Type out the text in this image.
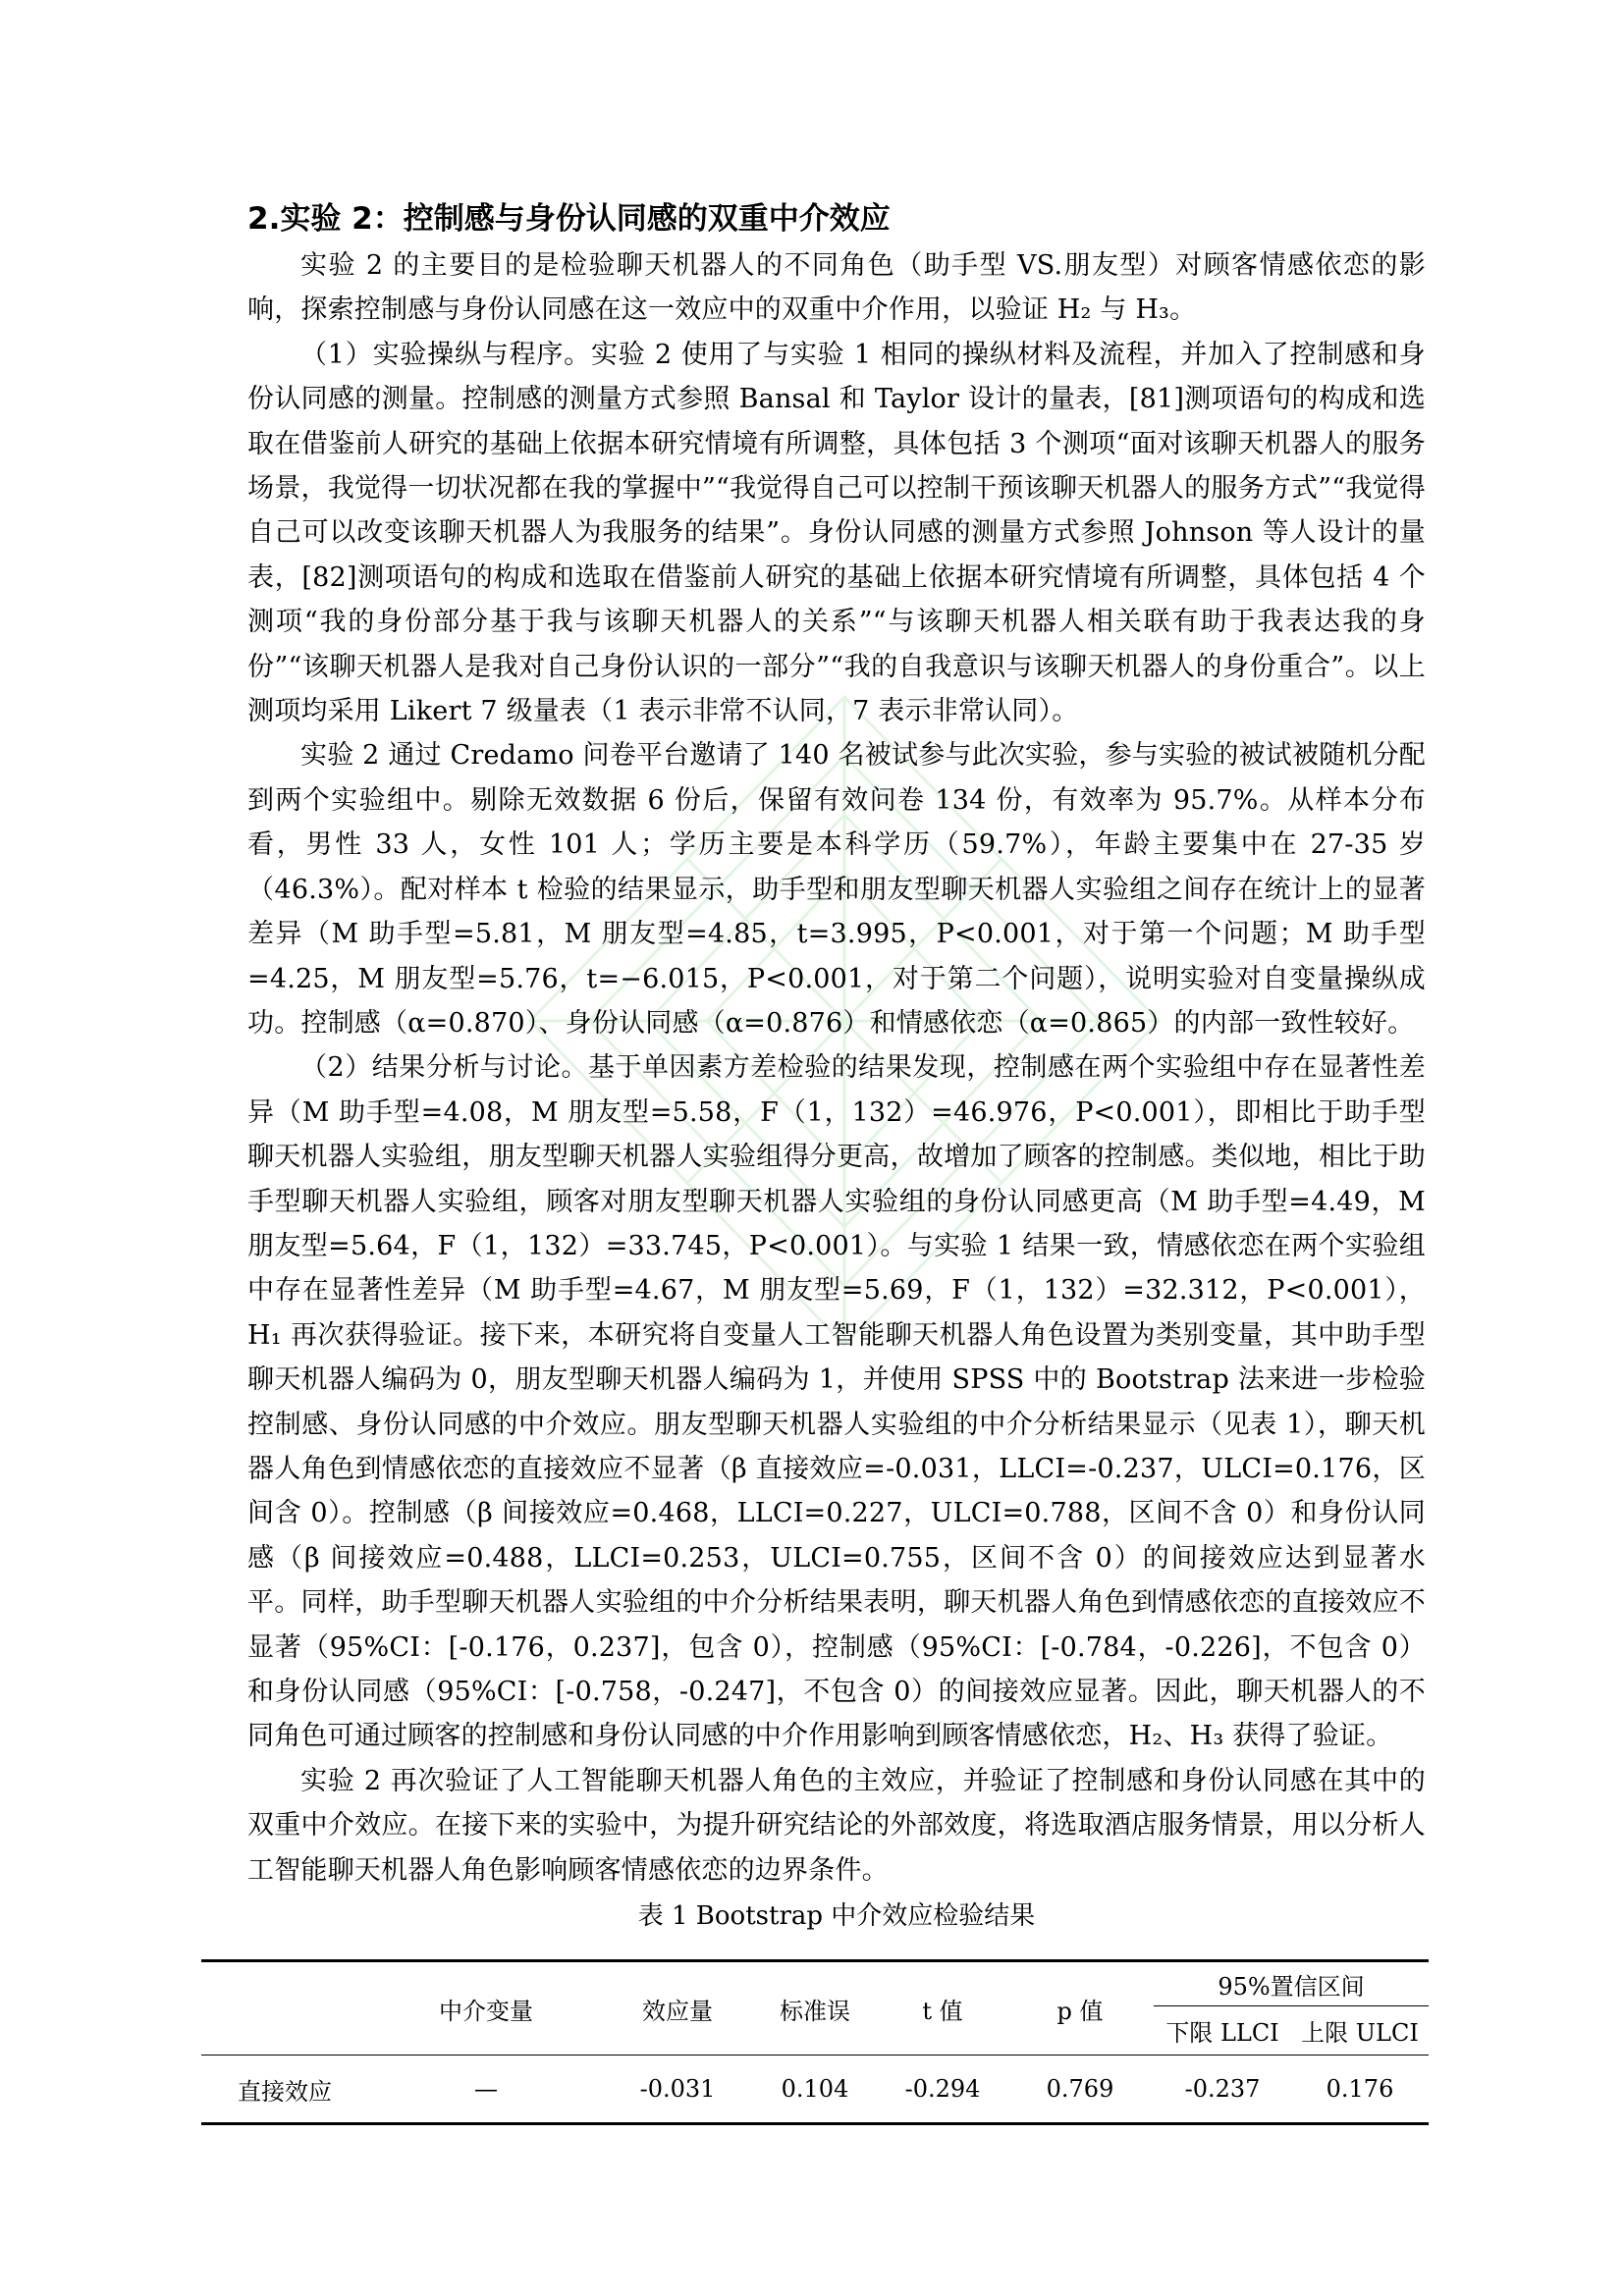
2.实验 2：控制感与身份认同感的双重中介效应

实验 2 的主要目的是检验聊天机器人的不同角色（助手型 VS.朋友型）对顾客情感依恋的影响，探索控制感与身份认同感在这一效应中的双重中介作用，以验证 H₂ 与 H₃。

（1）实验操纵与程序。实验 2 使用了与实验 1 相同的操纵材料及流程，并加入了控制感和身份认同感的测量。控制感的测量方式参照 Bansal 和 Taylor 设计的量表，[81]测项语句的构成和选取在借鉴前人研究的基础上依据本研究情境有所调整，具体包括 3 个测项“面对该聊天机器人的服务场景，我觉得一切状况都在我的掌握中”“我觉得自己可以控制干预该聊天机器人的服务方式”“我觉得自己可以改变该聊天机器人为我服务的结果”。身份认同感的测量方式参照 Johnson 等人设计的量表，[82]测项语句的构成和选取在借鉴前人研究的基础上依据本研究情境有所调整，具体包括 4 个测项“我的身份部分基于我与该聊天机器人的关系”“与该聊天机器人相关联有助于我表达我的身份”“该聊天机器人是我对自己身份认识的一部分”“我的自我意识与该聊天机器人的身份重合”。以上测项均采用 Likert 7 级量表（1 表示非常不认同，7 表示非常认同）。

实验 2 通过 Credamo 问卷平台邀请了 140 名被试参与此次实验，参与实验的被试被随机分配到两个实验组中。剔除无效数据 6 份后，保留有效问卷 134 份，有效率为 95.7%。从样本分布看，男性 33 人，女性 101 人；学历主要是本科学历（59.7%），年龄主要集中在 27-35 岁（46.3%）。配对样本 t 检验的结果显示，助手型和朋友型聊天机器人实验组之间存在统计上的显著差异（M 助手型=5.81，M 朋友型=4.85，t=3.995，P<0.001，对于第一个问题；M 助手型=4.25，M 朋友型=5.76，t=−6.015，P<0.001，对于第二个问题），说明实验对自变量操纵成功。控制感（α=0.870）、身份认同感（α=0.876）和情感依恋（α=0.865）的内部一致性较好。

（2）结果分析与讨论。基于单因素方差检验的结果发现，控制感在两个实验组中存在显著性差异（M 助手型=4.08，M 朋友型=5.58，F（1，132）=46.976，P<0.001），即相比于助手型聊天机器人实验组，朋友型聊天机器人实验组得分更高，故增加了顾客的控制感。类似地，相比于助手型聊天机器人实验组，顾客对朋友型聊天机器人实验组的身份认同感更高（M 助手型=4.49，M 朋友型=5.64，F（1，132）=33.745，P<0.001）。与实验 1 结果一致，情感依恋在两个实验组中存在显著性差异（M 助手型=4.67，M 朋友型=5.69，F（1，132）=32.312，P<0.001），H₁ 再次获得验证。接下来，本研究将自变量人工智能聊天机器人角色设置为类别变量，其中助手型聊天机器人编码为 0，朋友型聊天机器人编码为 1，并使用 SPSS 中的 Bootstrap 法来进一步检验控制感、身份认同感的中介效应。朋友型聊天机器人实验组的中介分析结果显示（见表 1），聊天机器人角色到情感依恋的直接效应不显著（β 直接效应=-0.031，LLCI=-0.237，ULCI=0.176，区间含 0）。控制感（β 间接效应=0.468，LLCI=0.227，ULCI=0.788，区间不含 0）和身份认同感（β 间接效应=0.488，LLCI=0.253，ULCI=0.755，区间不含 0）的间接效应达到显著水平。同样，助手型聊天机器人实验组的中介分析结果表明，聊天机器人角色到情感依恋的直接效应不显著（95%CI：[-0.176，0.237]，包含 0），控制感（95%CI：[-0.784，-0.226]，不包含 0）和身份认同感（95%CI：[-0.758，-0.247]，不包含 0）的间接效应显著。因此，聊天机器人的不同角色可通过顾客的控制感和身份认同感的中介作用影响到顾客情感依恋，H₂、H₃ 获得了验证。

实验 2 再次验证了人工智能聊天机器人角色的主效应，并验证了控制感和身份认同感在其中的双重中介效应。在接下来的实验中，为提升研究结论的外部效度，将选取酒店服务情景，用以分析人工智能聊天机器人角色影响顾客情感依恋的边界条件。

表 1 Bootstrap 中介效应检验结果
	中介变量	效应量	标准误	t 值	p 值	95%置信区间	
						下限 LLCI	上限 ULCI
直接效应	—	-0.031	0.104	-0.294	0.769	-0.237	0.176
